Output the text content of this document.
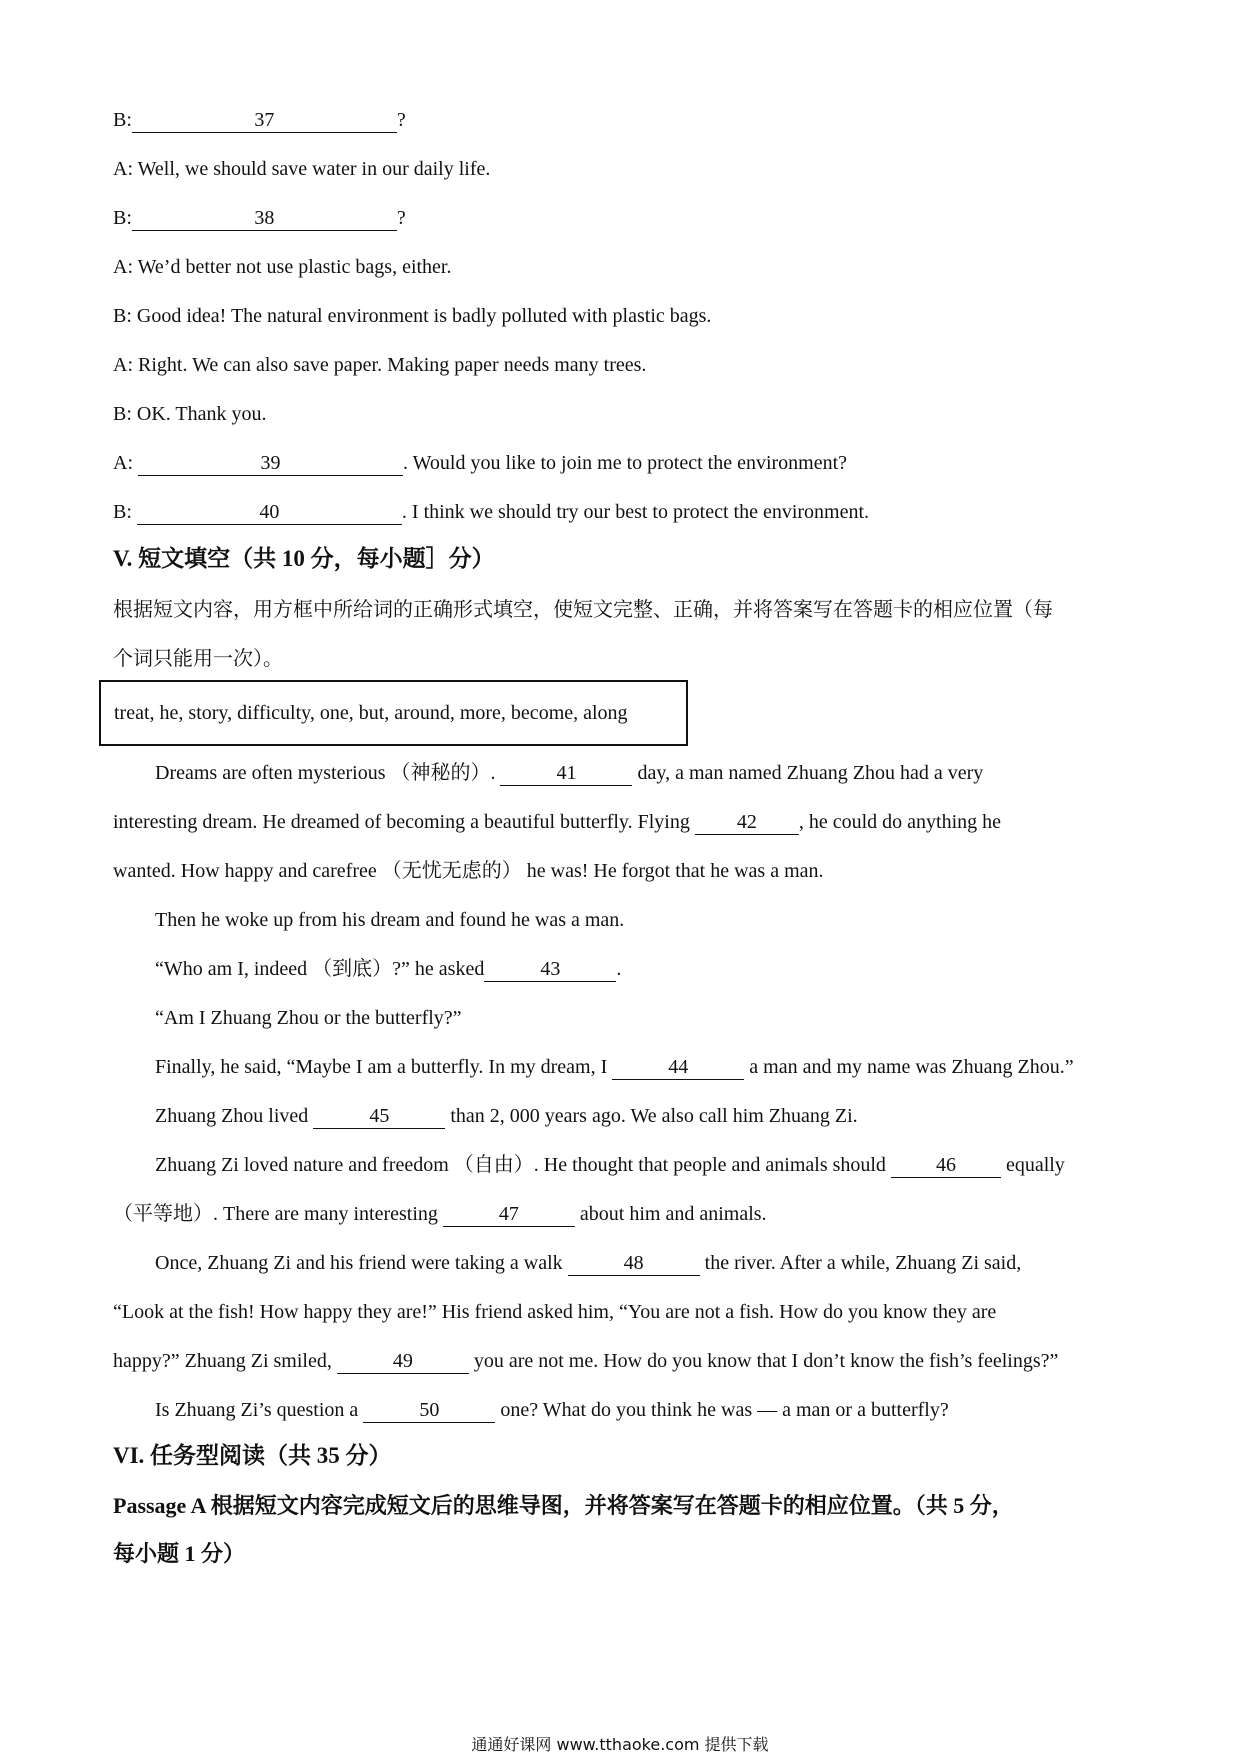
B:	37	?
A: Well, we should save water in our daily life.
B:	38	?
A: We’d better not use plastic bags, either.
B: Good idea! The natural environment is badly polluted with plastic bags.
A: Right. We can also save paper. Making paper needs many trees.
B: OK. Thank you.
A:	39	. Would you like to join me to protect the environment?
B:	40	. I think we should try our best to protect the environment.
V. 短文填空（共 10 分，每小题］分）
根据短文内容，用方框中所给词的正确形式填空，使短文完整、正确，并将答案写在答题卡的相应位置（每
个词只能用一次）。
treat, he, story, difficulty, one, but, around, more, become, along
Dreams are often mysterious （神秘的）.	41	day, a man named Zhuang Zhou had a very
interesting dream. He dreamed of becoming a beautiful butterfly. Flying 42 , he could do anything he
wanted. How happy and carefree （无忧无虑的） he was! He forgot that he was a man.
Then he woke up from his dream and found he was a man.
“Who am I, indeed （到底）?” he asked	43	.
“Am I Zhuang Zhou or the butterfly?”
Finally, he said, “Maybe I am a butterfly. In my dream, I	44	a man and my name was Zhuang Zhou.”
Zhuang Zhou lived	45	than 2, 000 years ago. We also call him Zhuang Zi.
Zhuang Zi loved nature and freedom （自由）. He thought that people and animals should	46	equally
（平等地）. There are many interesting	47	about him and animals.
Once, Zhuang Zi and his friend were taking a walk	48	the river. After a while, Zhuang Zi said,
“Look at the fish! How happy they are!” His friend asked him, “You are not a fish. How do you know they are
happy?” Zhuang Zi smiled,	49	you are not me. How do you know that I don’t know the fish’s feelings?”
Is Zhuang Zi’s question a	50	one? What do you think he was — a man or a butterfly?
VI. 任务型阅读（共 35 分）
Passage A 根据短文内容完成短文后的思维导图，并将答案写在答题卡的相应位置。（共 5 分，
每小题 1 分）
通通好课网 www.tthaoke.com 提供下载
